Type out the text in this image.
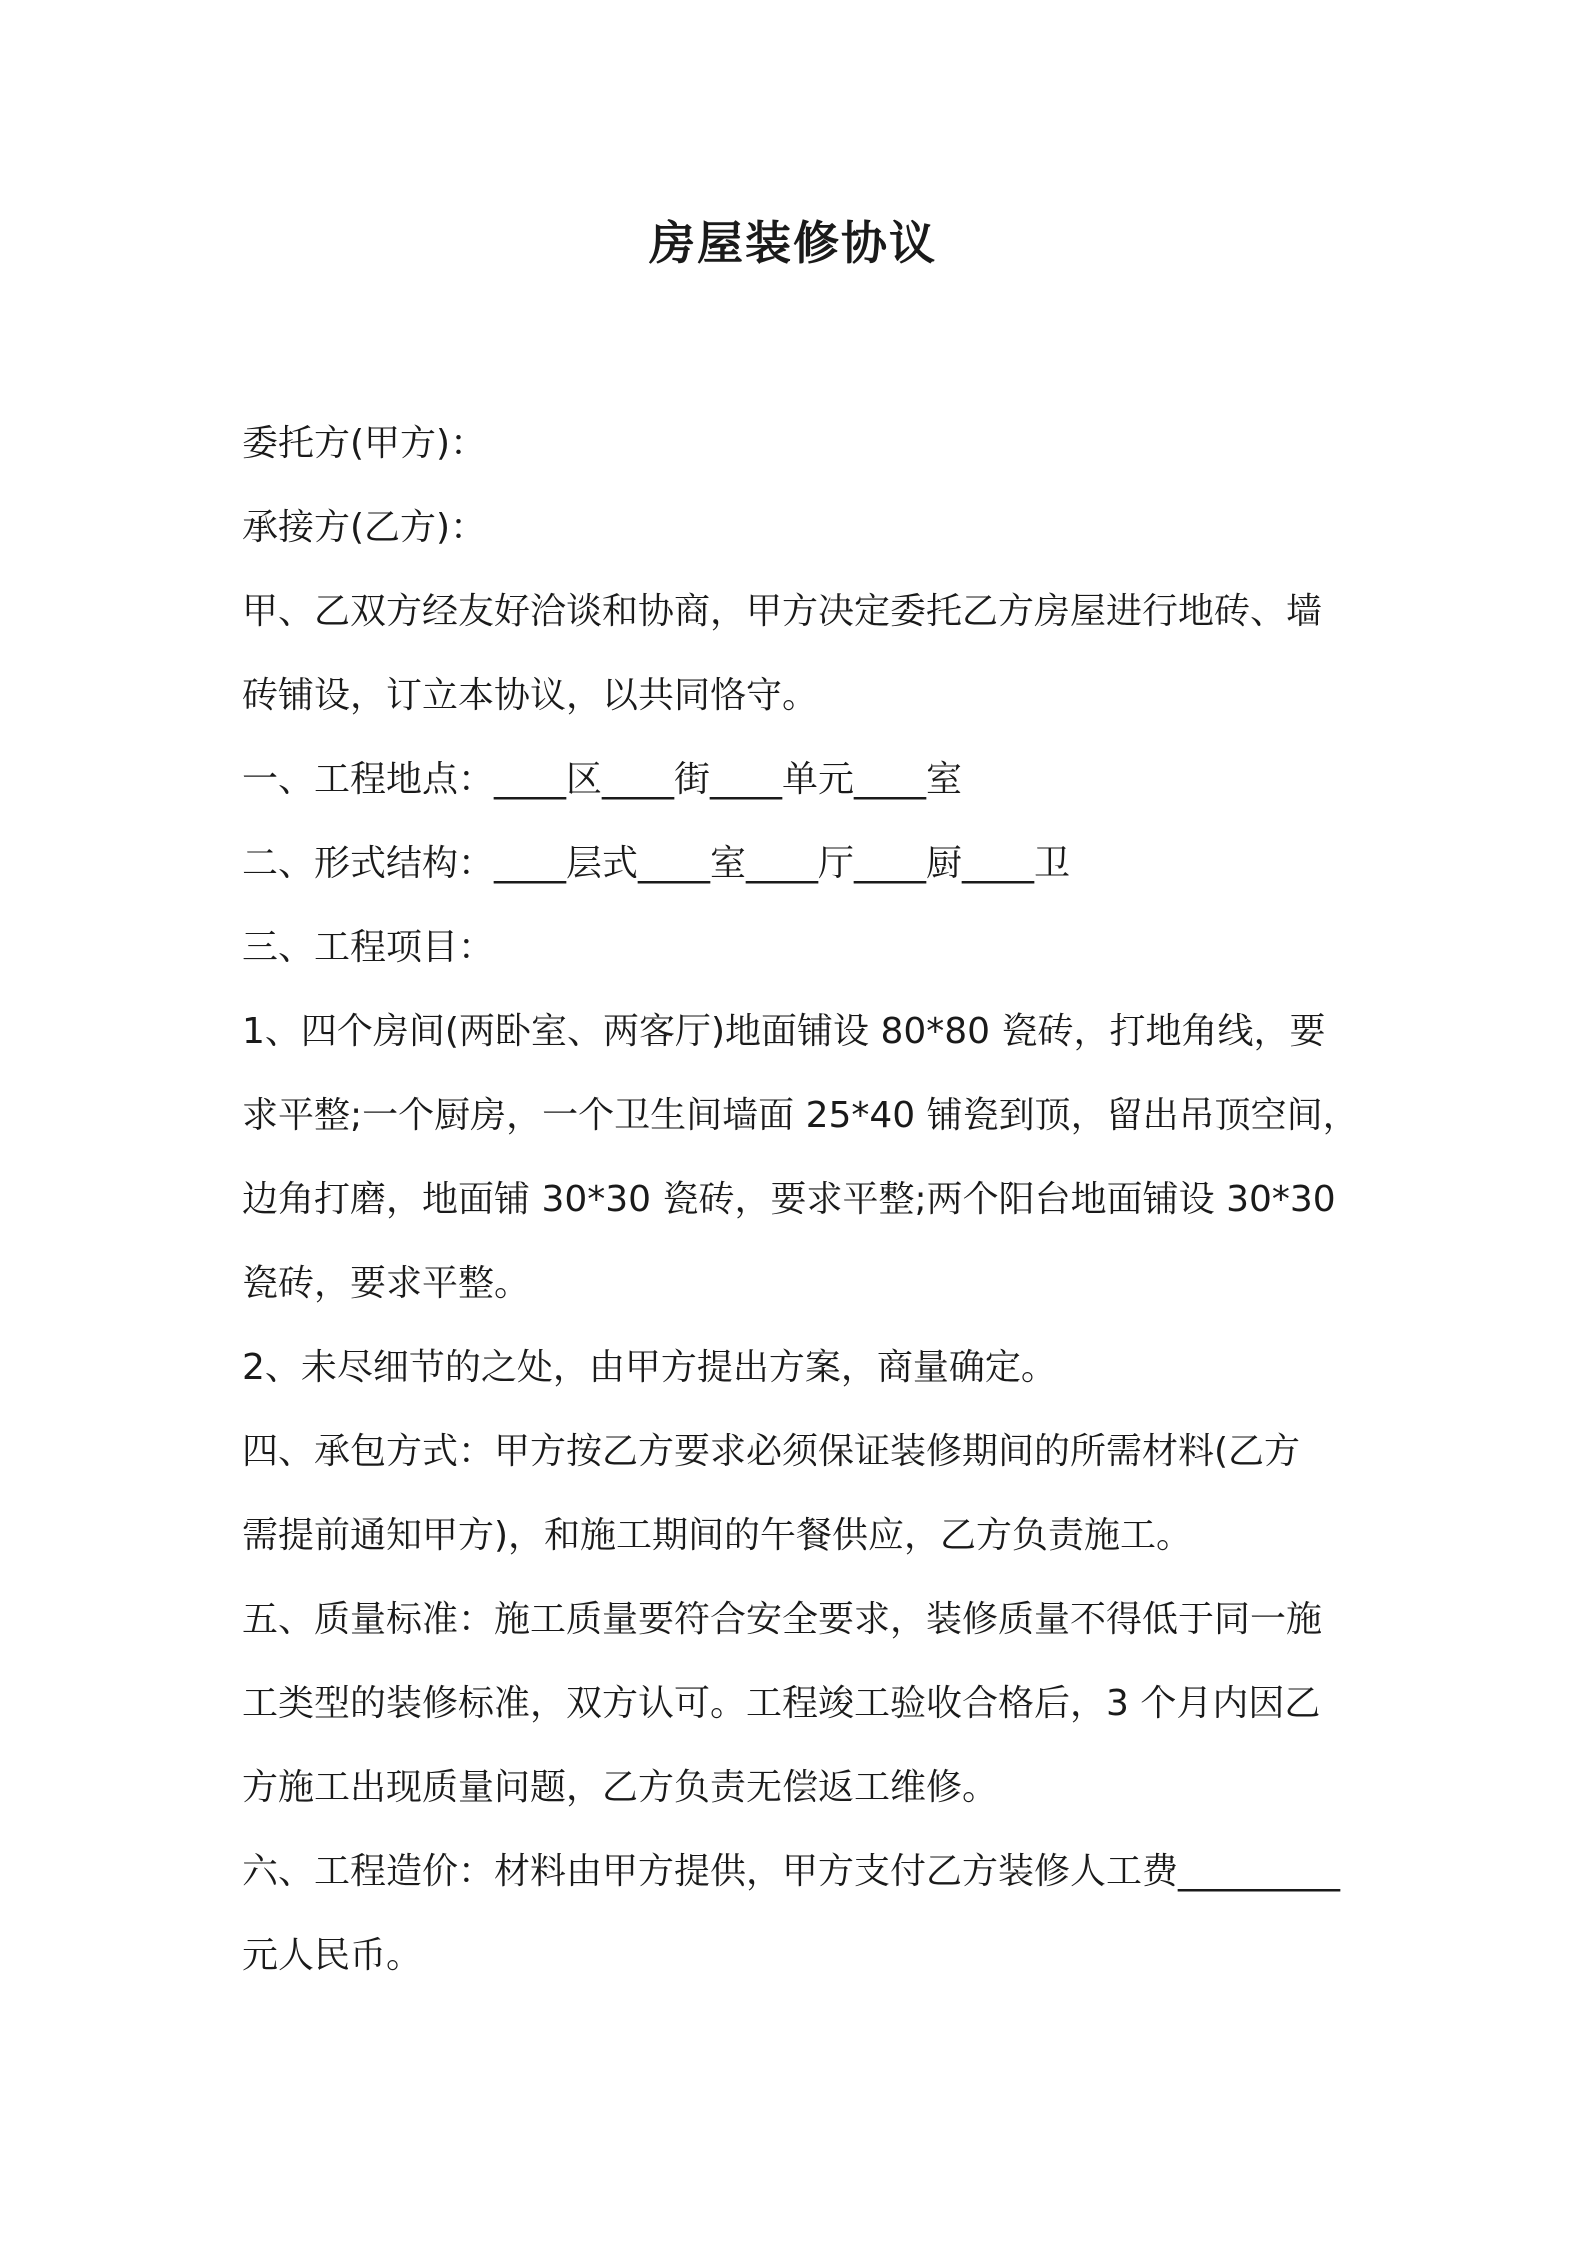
房屋装修协议

委托方(甲方)：

承接方(乙方)：

甲、乙双方经友好洽谈和协商，甲方决定委托乙方房屋进行地砖、墙

砖铺设，订立本协议，以共同恪守。

一、工程地点：____区____街____单元____室

二、形式结构：____层式____室____厅____厨____卫

三、工程项目：

1、四个房间(两卧室、两客厅)地面铺设 80*80 瓷砖，打地角线，要

求平整;一个厨房，一个卫生间墙面 25*40 铺瓷到顶，留出吊顶空间，

边角打磨，地面铺 30*30 瓷砖，要求平整;两个阳台地面铺设 30*30

瓷砖，要求平整。

2、未尽细节的之处，由甲方提出方案，商量确定。

四、承包方式：甲方按乙方要求必须保证装修期间的所需材料(乙方

需提前通知甲方)，和施工期间的午餐供应，乙方负责施工。

五、质量标准：施工质量要符合安全要求，装修质量不得低于同一施

工类型的装修标准，双方认可。工程竣工验收合格后，3 个月内因乙

方施工出现质量问题，乙方负责无偿返工维修。

六、工程造价：材料由甲方提供，甲方支付乙方装修人工费_________

元人民币。
